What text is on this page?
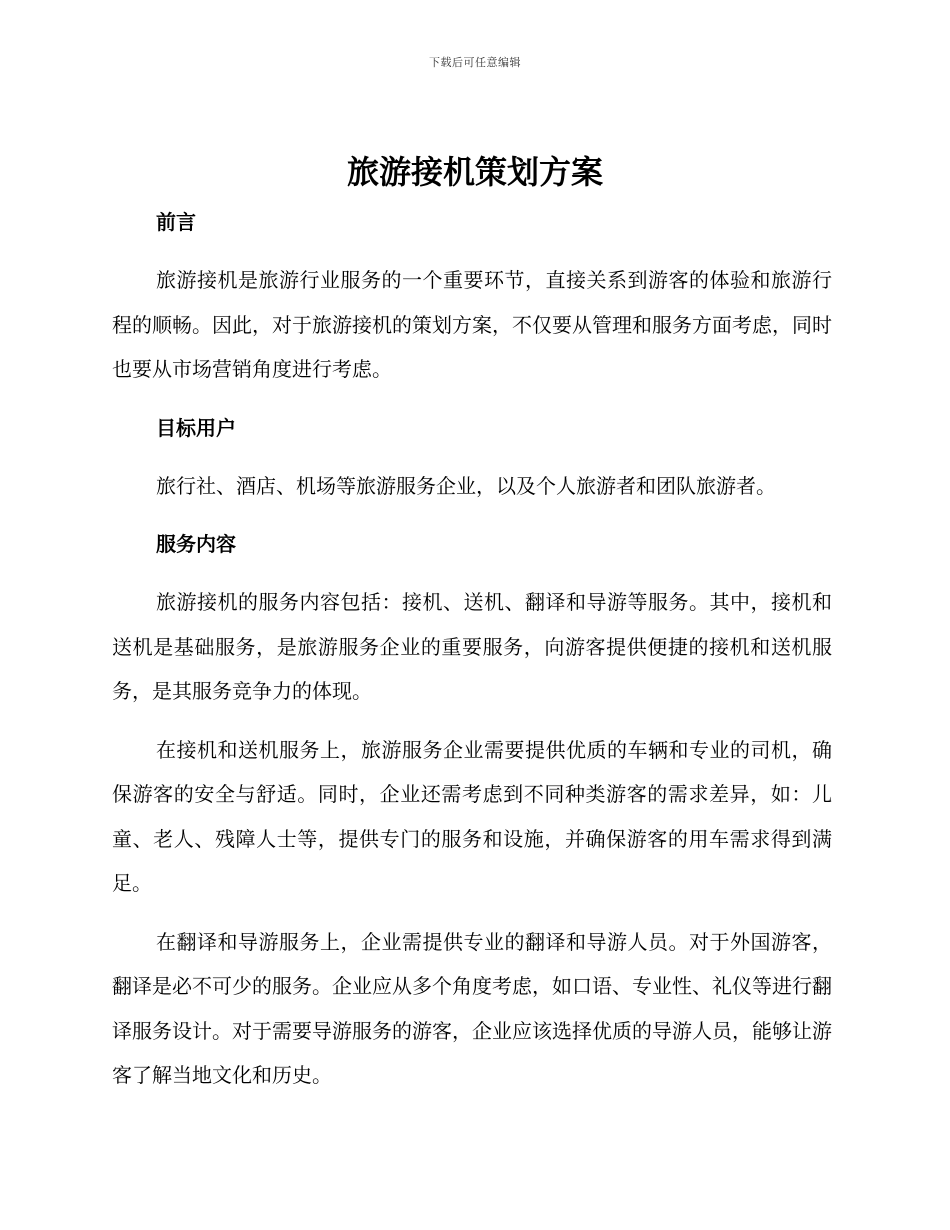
下载后可任意编辑
旅游接机策划方案
前言

旅游接机是旅游行业服务的一个重要环节，直接关系到游客的体验和旅游行程的顺畅。因此，对于旅游接机的策划方案，不仅要从管理和服务方面考虑，同时也要从市场营销角度进行考虑。

目标用户

旅行社、酒店、机场等旅游服务企业，以及个人旅游者和团队旅游者。

服务内容

旅游接机的服务内容包括：接机、送机、翻译和导游等服务。其中，接机和送机是基础服务，是旅游服务企业的重要服务，向游客提供便捷的接机和送机服务，是其服务竞争力的体现。

在接机和送机服务上，旅游服务企业需要提供优质的车辆和专业的司机，确保游客的安全与舒适。同时，企业还需考虑到不同种类游客的需求差异，如：儿童、老人、残障人士等，提供专门的服务和设施，并确保游客的用车需求得到满足。

在翻译和导游服务上，企业需提供专业的翻译和导游人员。对于外国游客，翻译是必不可少的服务。企业应从多个角度考虑，如口语、专业性、礼仪等进行翻译服务设计。对于需要导游服务的游客，企业应该选择优质的导游人员，能够让游客了解当地文化和历史。
